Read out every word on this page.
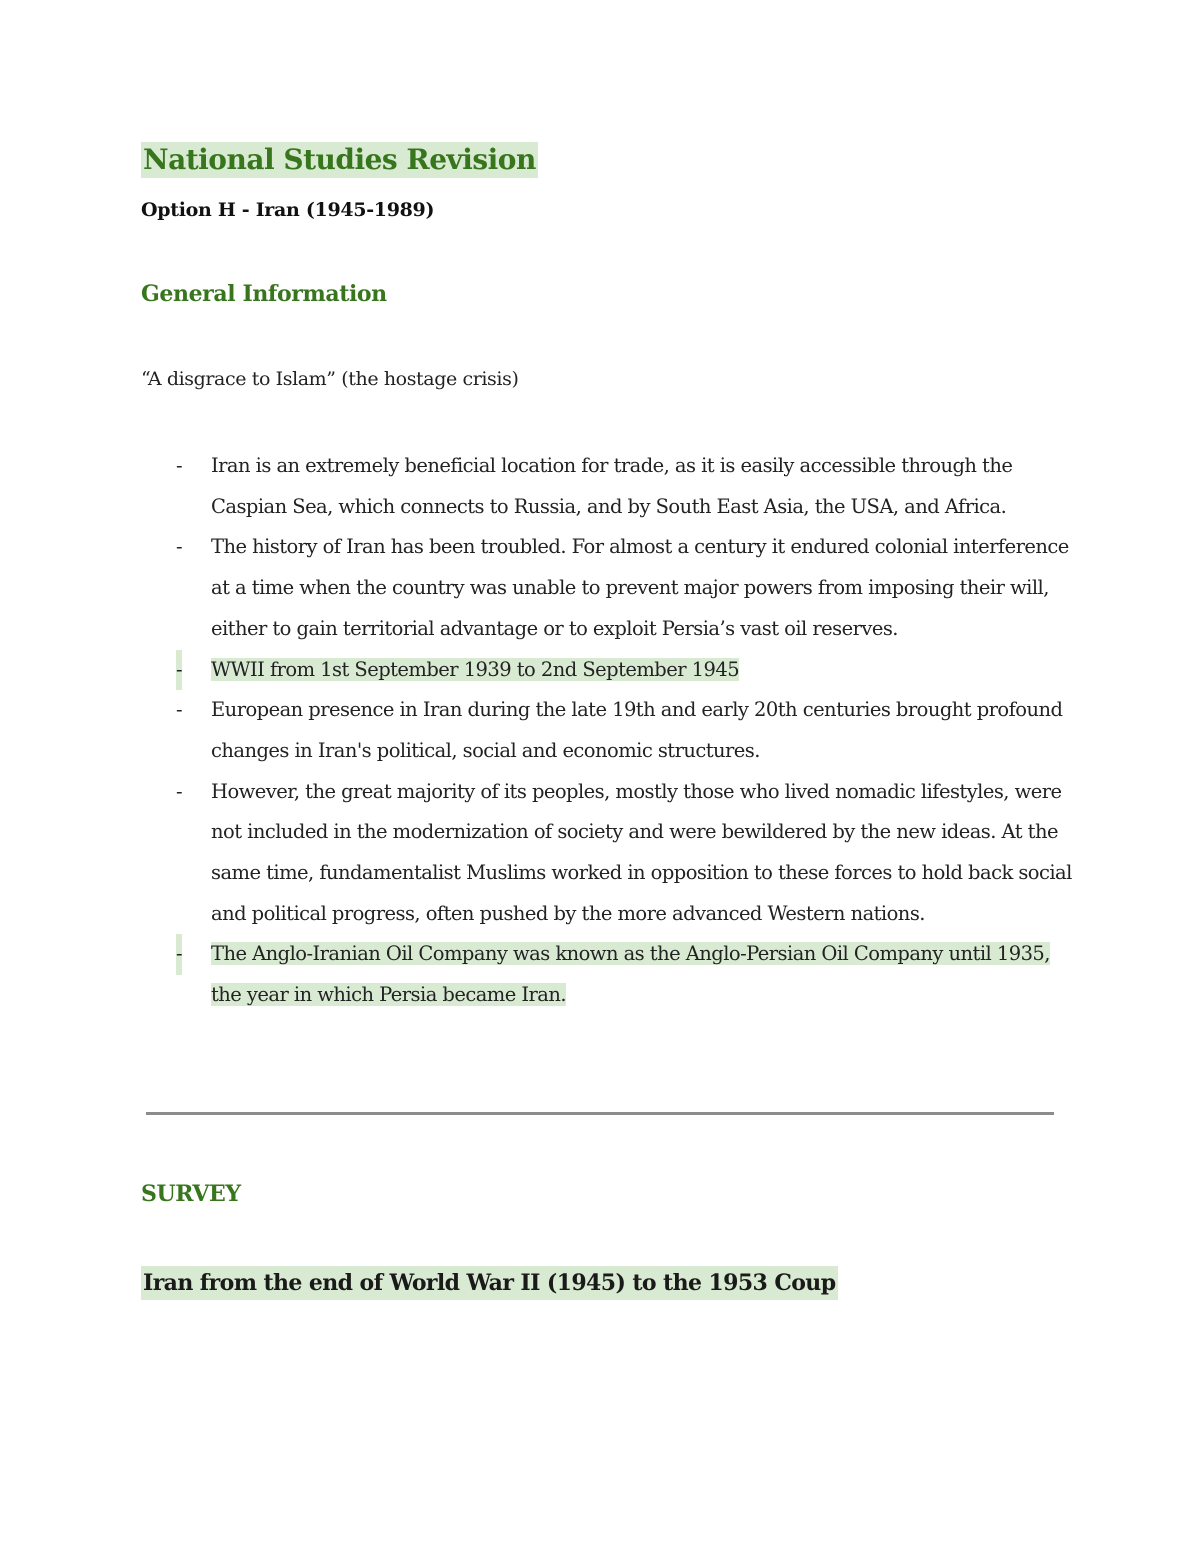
National Studies Revision

Option H - Iran (1945-1989)

General Information

“A disgrace to Islam” (the hostage crisis)

- Iran is an extremely beneficial location for trade, as it is easily accessible through the Caspian Sea, which connects to Russia, and by South East Asia, the USA, and Africa.
- The history of Iran has been troubled. For almost a century it endured colonial interference at a time when the country was unable to prevent major powers from imposing their will, either to gain territorial advantage or to exploit Persia’s vast oil reserves.
- WWII from 1st September 1939 to 2nd September 1945
- European presence in Iran during the late 19th and early 20th centuries brought profound changes in Iran's political, social and economic structures.
- However, the great majority of its peoples, mostly those who lived nomadic lifestyles, were not included in the modernization of society and were bewildered by the new ideas. At the same time, fundamentalist Muslims worked in opposition to these forces to hold back social and political progress, often pushed by the more advanced Western nations.
- The Anglo-Iranian Oil Company was known as the Anglo-Persian Oil Company until 1935, the year in which Persia became Iran.
SURVEY
Iran from the end of World War II (1945) to the 1953 Coup
